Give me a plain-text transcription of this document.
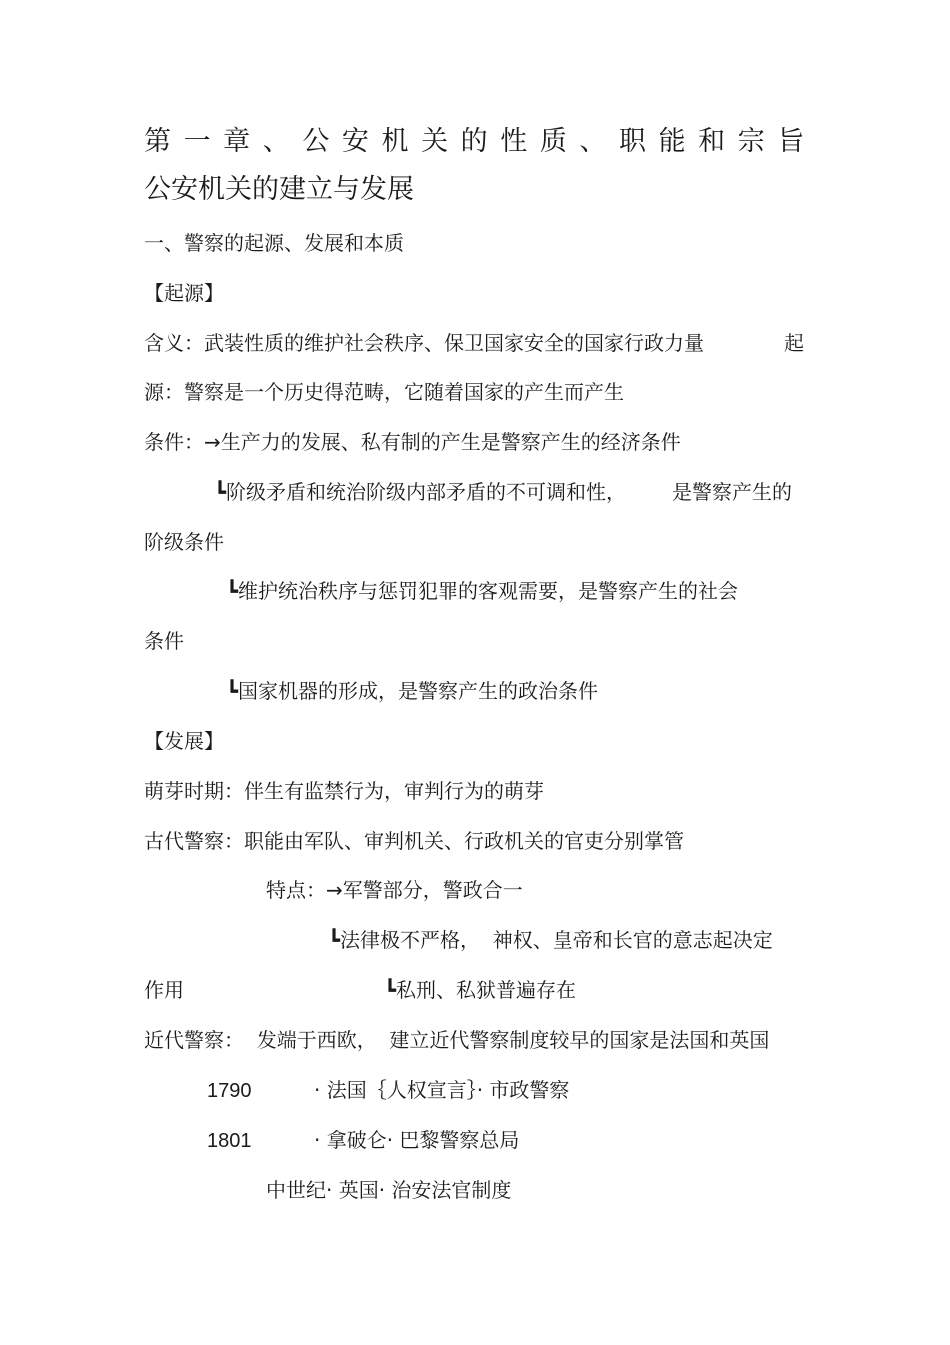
第 一 章 、 公 安 机 关 的 性 质 、 职 能 和 宗 旨
公安机关的建立与发展
一、警察的起源、发展和本质
【起源】
含义：武装性质的维护社会秩序、保卫国家安全的国家行政力量	起
源：警察是一个历史得范畴，它随着国家的产生而产生
条件：→生产力的发展、私有制的产生是警察产生的经济条件
┗阶级矛盾和统治阶级内部矛盾的不可调和性， 是警察产生的
阶级条件
┗维护统治秩序与惩罚犯罪的客观需要，是警察产生的社会
条件
┗国家机器的形成，是警察产生的政治条件
【发展】
萌芽时期：伴生有监禁行为，审判行为的萌芽
古代警察：职能由军队、审判机关、行政机关的官吏分别掌管
特点：→军警部分，警政合一
┗法律极不严格，  神权、皇帝和长官的意志起决定
作用	┗私刑、私狱普遍存在
近代警察：  发端于西欧，  建立近代警察制度较早的国家是法国和英国
1790	· 法国｛人权宣言｝· 市政警察
1801	· 拿破仑· 巴黎警察总局
中世纪· 英国· 治安法官制度
